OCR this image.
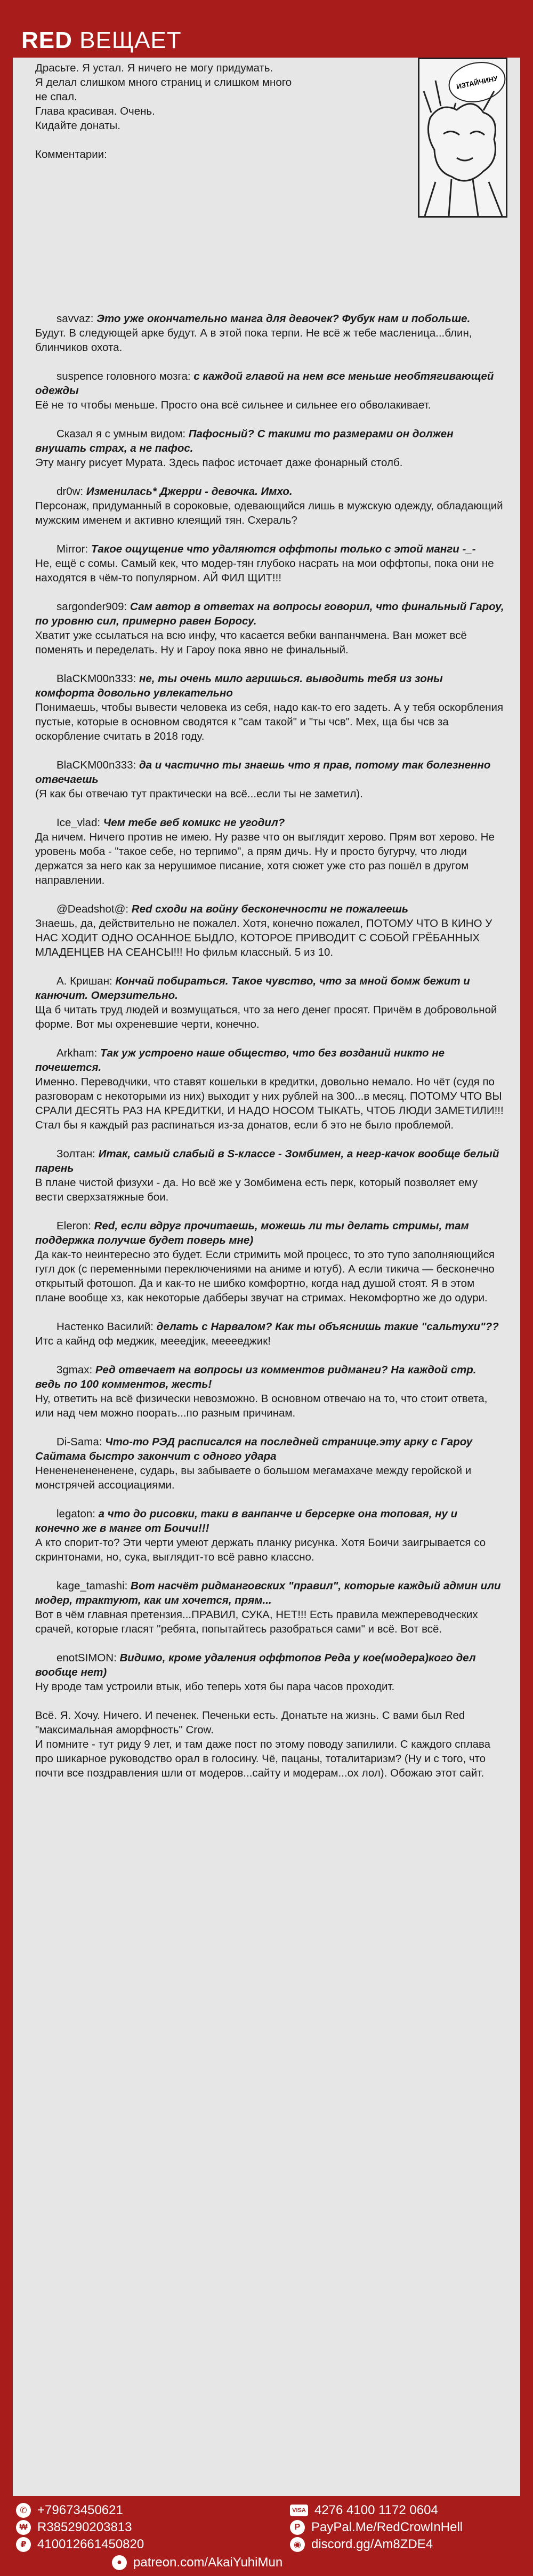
RED ВЕЩАЕТ
ИЗТАЙЧИНУ

Драсьте. Я устал. Я ничего не могу придумать.
Я делал слишком много страниц и слишком много
не спал.
Глава красивая. Очень.
Кидайте донаты.

Комментарии:

savvaz: Это уже окончательно манга для девочек? Фубук нам и побольше.
Будут. В следующей арке будут. А в этой пока терпи. Не всё ж тебе масленица...блин, блинчиков охота.
suspence головного мозга: с каждой главой на нем все меньше необтягивающей одежды
Её не то чтобы меньше. Просто она всё сильнее и сильнее его обволакивает.
Сказал я с умным видом: Пафосный? С такими то размерами он должен внушать страх, а не пафос.
Эту мангу рисует Мурата. Здесь пафос источает даже фонарный столб.
dr0w: Изменилась* Джерри - девочка. Имхо.
Персонаж, придуманный в сороковые, одевающийся лишь в мужскую одежду, обладающий мужским именем и активно клеящий тян. Схераль?
Mirror: Такое ощущение что удаляются оффтопы только с этой манги -_-
Не, ещё с сомы. Самый кек, что модер-тян глубоко насрать на мои оффтопы, пока они не находятся в чём-то популярном. АЙ ФИЛ ЩИТ!!!
sargonder909: Сам автор в ответах на вопросы говорил, что финальный Гароу, по уровню сил, примерно равен Боросу.
Хватит уже ссылаться на всю инфу, что касается вебки ванпанчмена. Ван может всё поменять и переделать. Ну и Гароу пока явно не финальный.
BlaCKM00n333: не, ты очень мило агришься. выводить тебя из зоны комфорта довольно увлекательно
Понимаешь, чтобы вывести человека из себя, надо как-то его задеть. А у тебя оскорбления пустые, которые в основном сводятся к "сам такой" и "ты чсв". Мех, ща бы чсв за оскорбление считать в 2018 году.
BlaCKM00n333: да и частично ты знаешь что я прав, потому так болезненно отвечаешь
(Я как бы отвечаю тут практически на всё...если ты не заметил).
Ice_vlad: Чем тебе веб комикс не угодил?
Да ничем. Ничего против не имею. Ну разве что он выглядит херово. Прям вот херово. Не уровень мобa - "такое себе, но терпимо", а прям дичь. Ну и просто бугурчу, что люди держатся за него как за нерушимое писание, хотя сюжет уже сто раз пошёл в другом направлении.
@Deadshot@: Red сходи на войну бесконечности не пожалеешь
Знаешь, да, действительно не пожалел. Хотя, конечно пожалел, ПОТОМУ ЧТО В КИНО У НАС ХОДИТ ОДНО ОСАННОЕ БЫДЛО, КОТОРОЕ ПРИВОДИТ С СОБОЙ ГРЁБАННЫХ МЛАДЕНЦЕВ НА СЕАНСЫ!!! Но фильм классный. 5 из 10.
А. Кришан: Кончай побираться. Такое чувство, что за мной бомж бежит и канючит. Омерзительно.
Ща б читать труд людей и возмущаться, что за него денег просят. Причём в добровольной форме. Вот мы охреневшие черти, конечно.
Arkham: Так уж устроено наше общество, что без возданий никто не почешется.
Именно. Переводчики, что ставят кошельки в кредитки, довольно немало. Но чёт (судя по разговорам с некоторыми из них) выходит у них рублей на 300...в месяц. ПОТОМУ ЧТО ВЫ СРАЛИ ДЕСЯТЬ РАЗ НА КРЕДИТКИ, И НАДО НОСОМ ТЫКАТЬ, ЧТОБ ЛЮДИ ЗАМЕТИЛИ!!! Стал бы я каждый раз распинаться из-за донатов, если б это не было проблемой.
Золтан: Итак, самый слабый в S-классе - Зомбимен, а негр-качок вообще белый парень
В плане чистой физухи - да. Но всё же у Зомбимена есть перк, который позволяет ему вести сверхзатяжные бои.
Eleron: Red, если вдруг прочитаешь, можешь ли ты делать стримы, там поддержка получше будет поверь мне)
Да как-то неинтересно это будет. Если стримить мой процесс, то это тупо заполняющийся гугл док (с переменными переключениями на аниме и ютуб). А если тикича — бесконечно открытый фотошоп. Да и как-то не шибко комфортно, когда над душой стоят. Я в этом плане вообще хз, как некоторые дабберы звучат на стримах. Некомфортно же до одури.
Настенко Василий: делать с Нарвалом? Как ты объяснишь такие "сальтухи"??
Итс а кайнд оф меджик, мееедjик, мееееджик!
3gmax: Ред отвечает на вопросы из комментов ридманги? На каждой стр. ведь по 100 комментов, жесть!
Ну, ответить на всё физически невозможно. В основном отвечаю на то, что стоит ответа, или над чем можно поорать...по разным причинам.
Di-Sama: Что-то РЭД расписался на последней странице.эту арку с Гароу Сайтама быстро закончит с одного удара
Нененененененене, сударь, вы забываете о большом мегамахаче между геройской и монстрячей ассоциациями.
legaton: а что до рисовки, таки в ванпанче и берсерке она топовая, ну и конечно же в манге от Боичи!!!
А кто спорит-то? Эти черти умеют держать планку рисунка. Хотя Боичи заигрывается со скринтонами, но, сука, выглядит-то всё равно классно.
kage_tamashi: Вот насчёт ридманговских "правил", которые каждый админ или модер, трактуют, как им хочется, прям...
Вот в чём главная претензия...ПРАВИЛ, СУКА, НЕТ!!! Есть правила межпереводческих срачей, которые гласят "ребята, попытайтесь разобраться сами" и всё. Вот всё.
enotSIMON: Видимо, кроме удаления оффтопов Реда у кое(модера)кого дел вообще нет)
Ну вроде там устроили втык, ибо теперь хотя бы пара часов проходит.
Всё. Я. Хочу. Ничего. И печенек. Печеньки есть. Донатьте на жизнь. С вами был Red "максимальная аморфность" Crow.
И помните - тут ридy 9 лет, и там даже пост по этому поводу запилили. С каждого сплава про шикарное руководство орал в голосину. Чё, пацаны, тоталитаризм? (Ну и с того, что почти все поздравления шли от модеров...сайту и модерам...ох лол). Обожаю этот сайт.
✆ +79673450621	VISA 4276 4100 1172 0604
₩ R385290203813	P PayPal.Me/RedCrowInHell
₽ 410012661450820	◉ discord.gg/Am8ZDE4
● patreon.com/AkaiYuhiMun
